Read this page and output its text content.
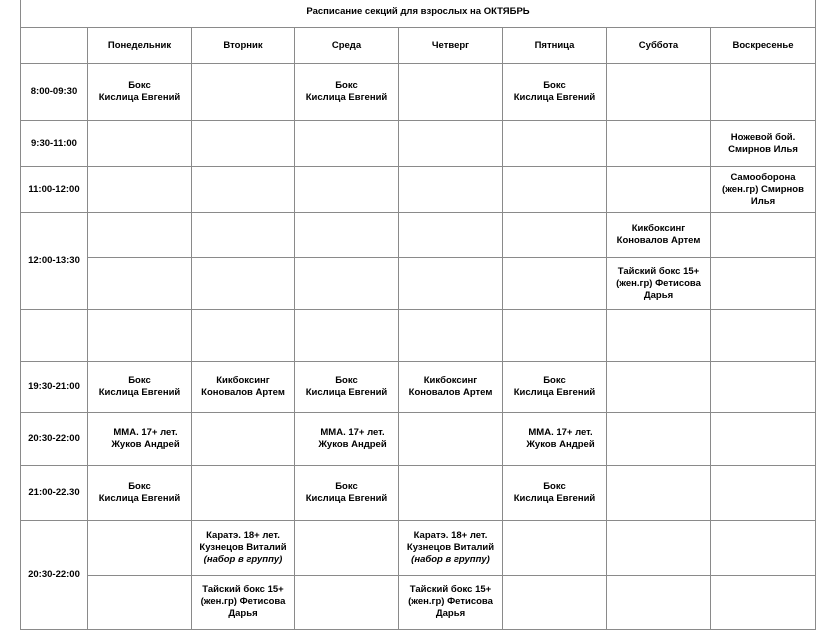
Расписание секций для взрослых на ОКТЯБРЬ							
	Понедельник	Вторник	Среда	Четверг	Пятница	Суббота	Воскресенье
8:00-09:30	Бокс
Кислица Евгений		Бокс
Кислица Евгений		Бокс
Кислица Евгений		

9:30-11:00							Ножевой бой.
Смирнов Илья

11:00-12:00							Самооборона
(жен.гр) Смирнов
Илья

12:00-13:30						Кикбоксинг
Коновалов Артем	

						Тайский бокс 15+
(жен.гр) Фетисова
Дарья	

19:30-21:00	Бокс
Кислица Евгений	Кикбоксинг
Коновалов Артем	Бокс
Кислица Евгений	Кикбоксинг
Коновалов Артем	Бокс
Кислица Евгений		

20:30-22:00	ММА. 17+ лет.
Жуков Андрей		ММА. 17+ лет.
Жуков Андрей		ММА. 17+ лет.
Жуков Андрей		

21:00-22.30	Бокс
Кислица Евгений		Бокс
Кислица Евгений		Бокс
Кислица Евгений		

20:30-22:00		Каратэ. 18+ лет.
Кузнецов Виталий
(набор в группу)		Каратэ. 18+ лет.
Кузнецов Виталий
(набор в группу)			

		Тайский бокс 15+
(жен.гр) Фетисова
Дарья		Тайский бокс 15+
(жен.гр) Фетисова
Дарья			
